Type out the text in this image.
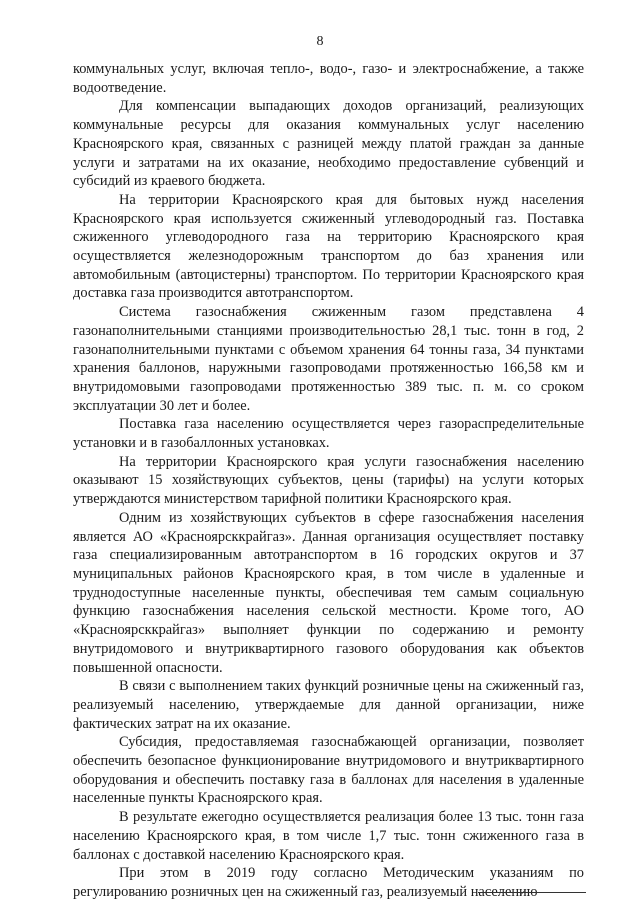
8

коммунальных услуг, включая тепло-, водо-, газо- и электроснабжение, а также водоотведение.

Для компенсации выпадающих доходов организаций, реализующих коммунальные ресурсы для оказания коммунальных услуг населению Красноярского края, связанных с разницей между платой граждан за данные услуги и затратами на их оказание, необходимо предоставление субвенций и субсидий из краевого бюджета.

На территории Красноярского края для бытовых нужд населения Красноярского края используется сжиженный углеводородный газ. Поставка сжиженного углеводородного газа на территорию Красноярского края осуществляется железнодорожным транспортом до баз хранения или автомобильным (автоцистерны) транспортом. По территории Красноярского края доставка газа производится автотранспортом.

Система газоснабжения сжиженным газом представлена 4 газонаполнительными станциями производительностью 28,1 тыс. тонн в год, 2 газонаполнительными пунктами с объемом хранения 64 тонны газа, 34 пунктами хранения баллонов, наружными газопроводами протяженностью 166,58 км и внутридомовыми газопроводами протяженностью 389 тыс. п. м. со сроком эксплуатации 30 лет и более.

Поставка газа населению осуществляется через газораспределительные установки и в газобаллонных установках.

На территории Красноярского края услуги газоснабжения населению оказывают 15 хозяйствующих субъектов, цены (тарифы) на услуги которых утверждаются министерством тарифной политики Красноярского края.

Одним из хозяйствующих субъектов в сфере газоснабжения населения является АО «Красноярсккрайгаз». Данная организация осуществляет поставку газа специализированным автотранспортом в 16 городских округов и 37 муниципальных районов Красноярского края, в том числе в удаленные и труднодоступные населенные пункты, обеспечивая тем самым социальную функцию газоснабжения населения сельской местности. Кроме того, АО «Красноярсккрайгаз» выполняет функции по содержанию и ремонту внутридомового и внутриквартирного газового оборудования как объектов повышенной опасности.

В связи с выполнением таких функций розничные цены на сжиженный газ, реализуемый населению, утверждаемые для данной организации, ниже фактических затрат на их оказание.

Субсидия, предоставляемая газоснабжающей организации, позволяет обеспечить безопасное функционирование внутридомового и внутриквартирного оборудования и обеспечить поставку газа в баллонах для населения в удаленные населенные пункты Красноярского края.

В результате ежегодно осуществляется реализация более 13 тыс. тонн газа населению Красноярского края, в том числе 1,7 тыс. тонн сжиженного газа в баллонах с доставкой населению Красноярского края.

При этом в 2019 году согласно Методическим указаниям по регулированию розничных цен на сжиженный газ, реализуемый населению
